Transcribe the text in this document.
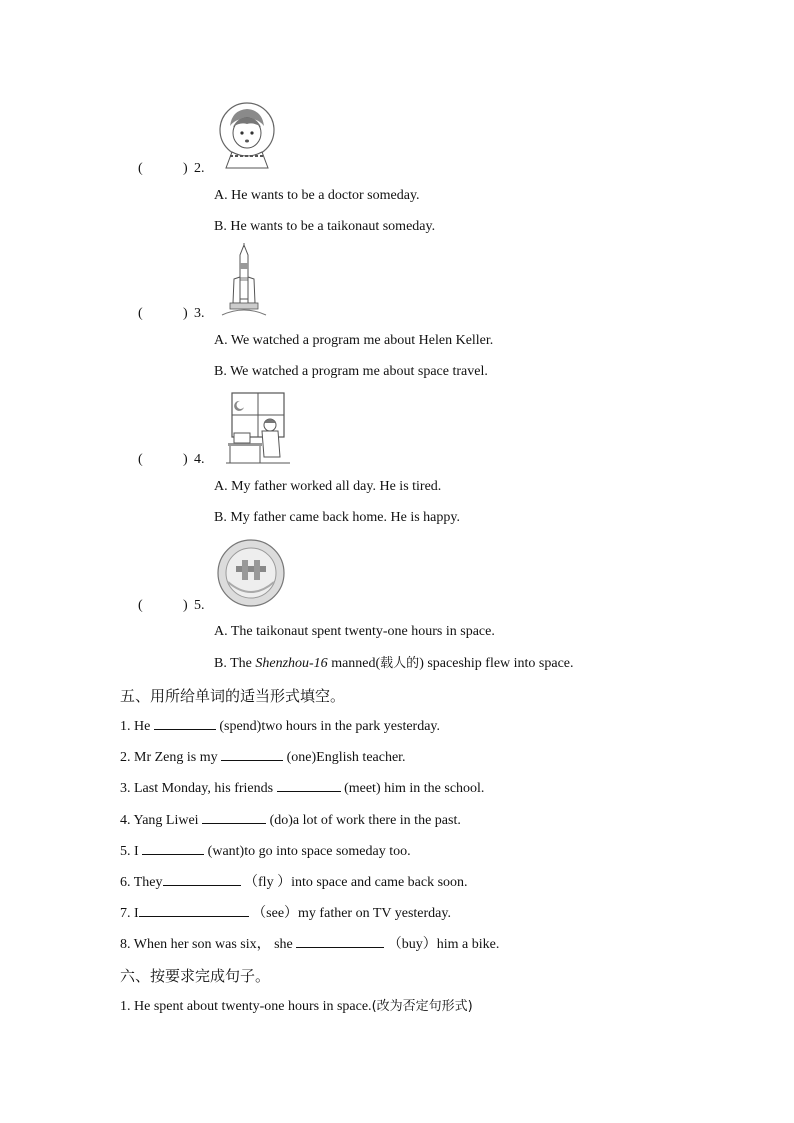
(	) 2.
A. He wants to be a doctor someday.
B. He wants to be a taikonaut someday.
(	) 3.
A. We watched a program me about Helen Keller.
B. We watched a program me about space travel.
(	) 4.
A. My father worked all day. He is tired.
B. My father came back home. He is happy.
(	) 5.
A. The taikonaut spent twenty-one hours in space.
B. The Shenzhou-16 manned(载人的) spaceship flew into space.
五、用所给单词的适当形式填空。
1. He	(spend)two hours in the park yesterday.
2. Mr Zeng is my	(one)English teacher.
3. Last Monday, his friends	(meet) him in the school.
4. Yang Liwei	(do)a lot of work there in the past.
5. I	(want)to go into space someday too.
6. They	（fly ）into space and came back soon.
7. I	（see）my father on TV yesterday.
8. When her son was six， she	（buy）him a bike.
六、按要求完成句子。
1. He spent about twenty-one hours in space.(改为否定句形式)
